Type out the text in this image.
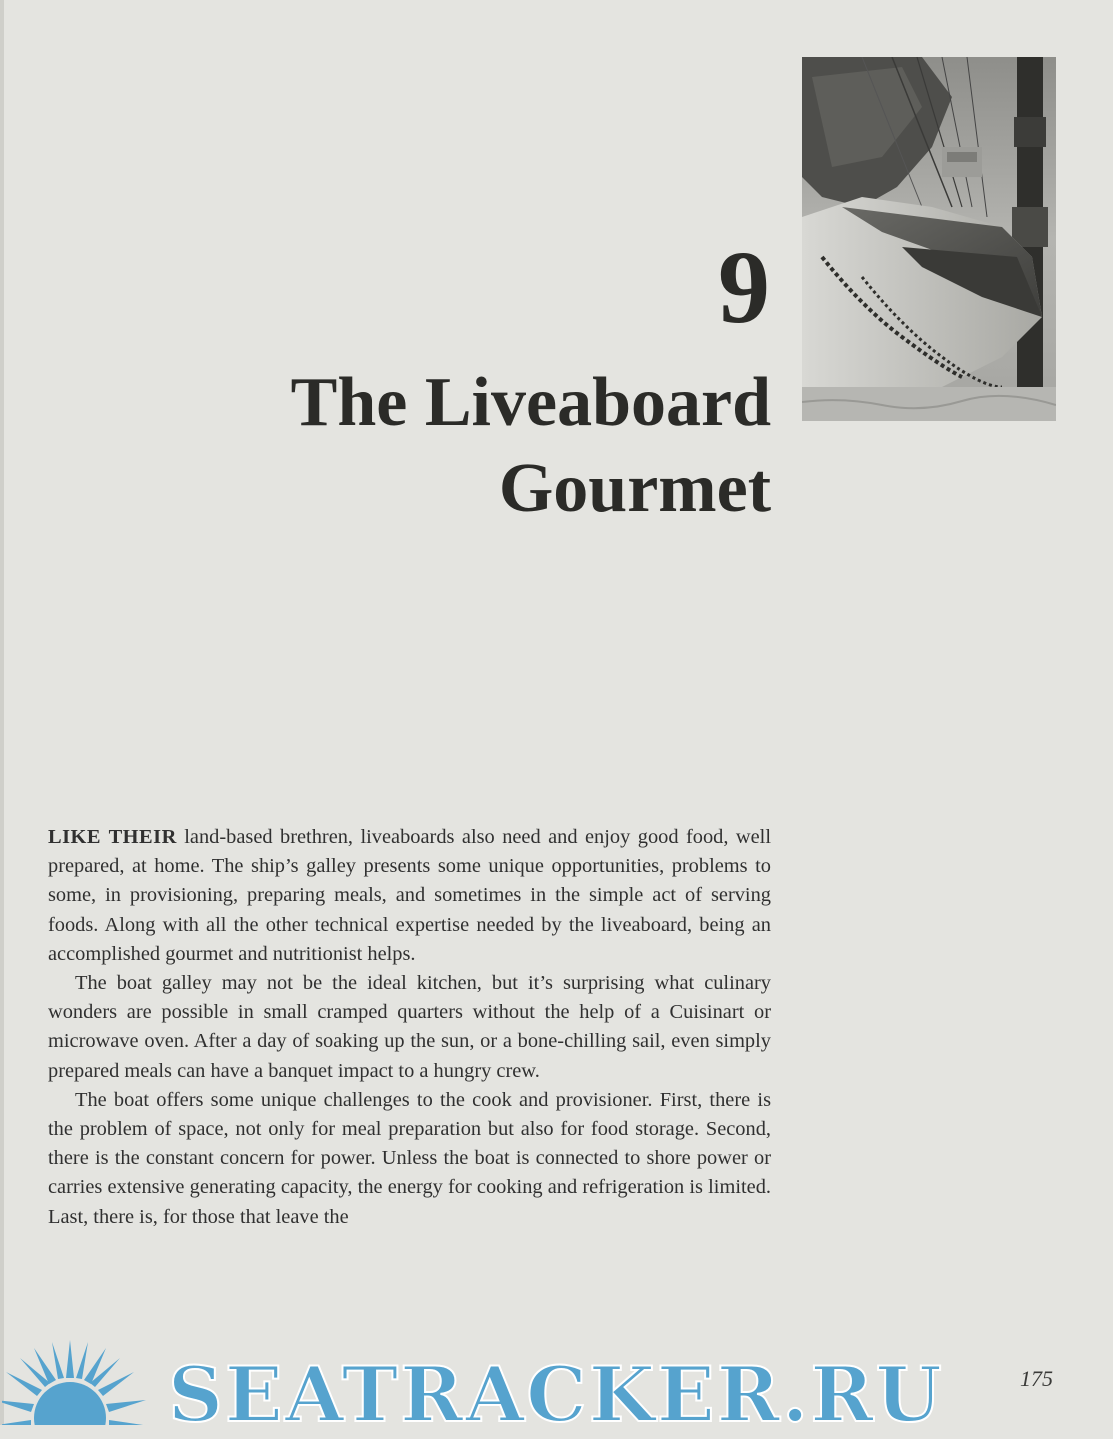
9
The Liveaboard
Gourmet

LIKE THEIR land-based brethren, liveaboards also need and enjoy good food, well prepared, at home. The ship’s galley presents some unique opportunities, problems to some, in provisioning, preparing meals, and sometimes in the simple act of serving foods. Along with all the other technical expertise needed by the liveaboard, being an accomplished gourmet and nutritionist helps.

The boat galley may not be the ideal kitchen, but it’s surprising what culinary wonders are possible in small cramped quarters without the help of a Cuisinart or microwave oven. After a day of soaking up the sun, or a bone-chilling sail, even simply prepared meals can have a banquet impact to a hungry crew.

The boat offers some unique challenges to the cook and provisioner. First, there is the problem of space, not only for meal preparation but also for food storage. Second, there is the constant concern for power. Unless the boat is connected to shore power or carries extensive generating capacity, the energy for cooking and refrigeration is limited. Last, there is, for those that leave the

175
SEATRACKER.RU
